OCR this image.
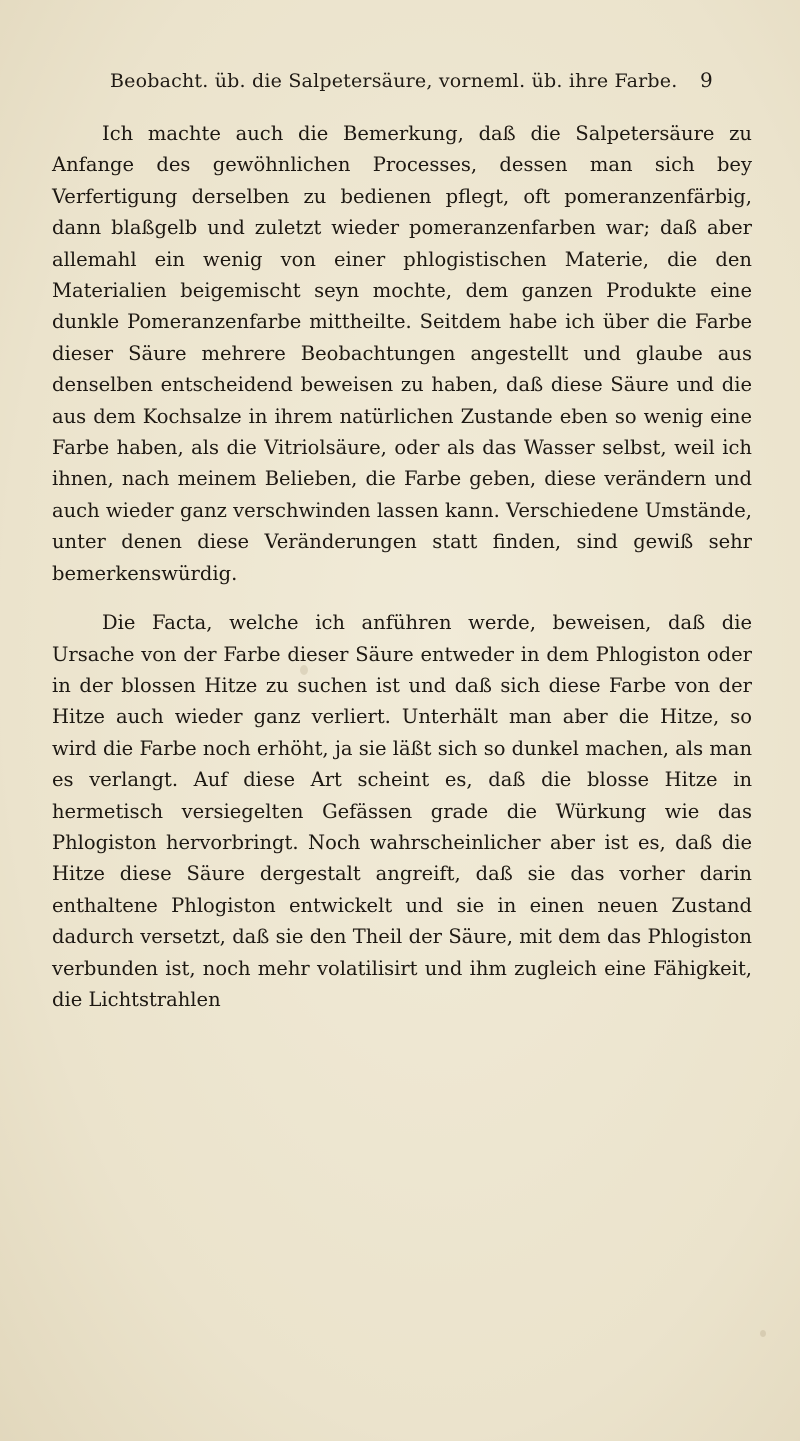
Beobacht. üb. die Salpetersäure, vorneml. üb. ihre Farbe.	9

Ich machte auch die Bemerkung, daß die Salpetersäure zu Anfange des gewöhnlichen Processes, dessen man sich bey Verfertigung derselben zu bedienen pflegt, oft pomeranzenfärbig, dann blaßgelb und zuletzt wieder pomeranzenfarben war; daß aber allemahl ein wenig von einer phlogistischen Materie, die den Materialien beigemischt seyn mochte, dem ganzen Produkte eine dunkle Pomeranzenfarbe mittheilte. Seitdem habe ich über die Farbe dieser Säure mehrere Beobachtungen angestellt und glaube aus denselben entscheidend beweisen zu haben, daß diese Säure und die aus dem Kochsalze in ihrem natürlichen Zustande eben so wenig eine Farbe haben, als die Vitriolsäure, oder als das Wasser selbst, weil ich ihnen, nach meinem Belieben, die Farbe geben, diese verändern und auch wieder ganz verschwinden lassen kann. Verschiedene Umstände, unter denen diese Veränderungen statt finden, sind gewiß sehr bemerkenswürdig.

Die Facta, welche ich anführen werde, beweisen, daß die Ursache von der Farbe dieser Säure entweder in dem Phlogiston oder in der blossen Hitze zu suchen ist und daß sich diese Farbe von der Hitze auch wieder ganz verliert. Unterhält man aber die Hitze, so wird die Farbe noch erhöht, ja sie läßt sich so dunkel machen, als man es verlangt. Auf diese Art scheint es, daß die blosse Hitze in hermetisch versiegelten Gefässen grade die Würkung wie das Phlogiston hervorbringt. Noch wahrscheinlicher aber ist es, daß die Hitze diese Säure dergestalt angreift, daß sie das vorher darin enthaltene Phlogiston entwickelt und sie in einen neuen Zustand dadurch versetzt, daß sie den Theil der Säure, mit dem das Phlogiston verbunden ist, noch mehr volatilisirt und ihm zugleich eine Fähigkeit, die Lichtstrahlen
